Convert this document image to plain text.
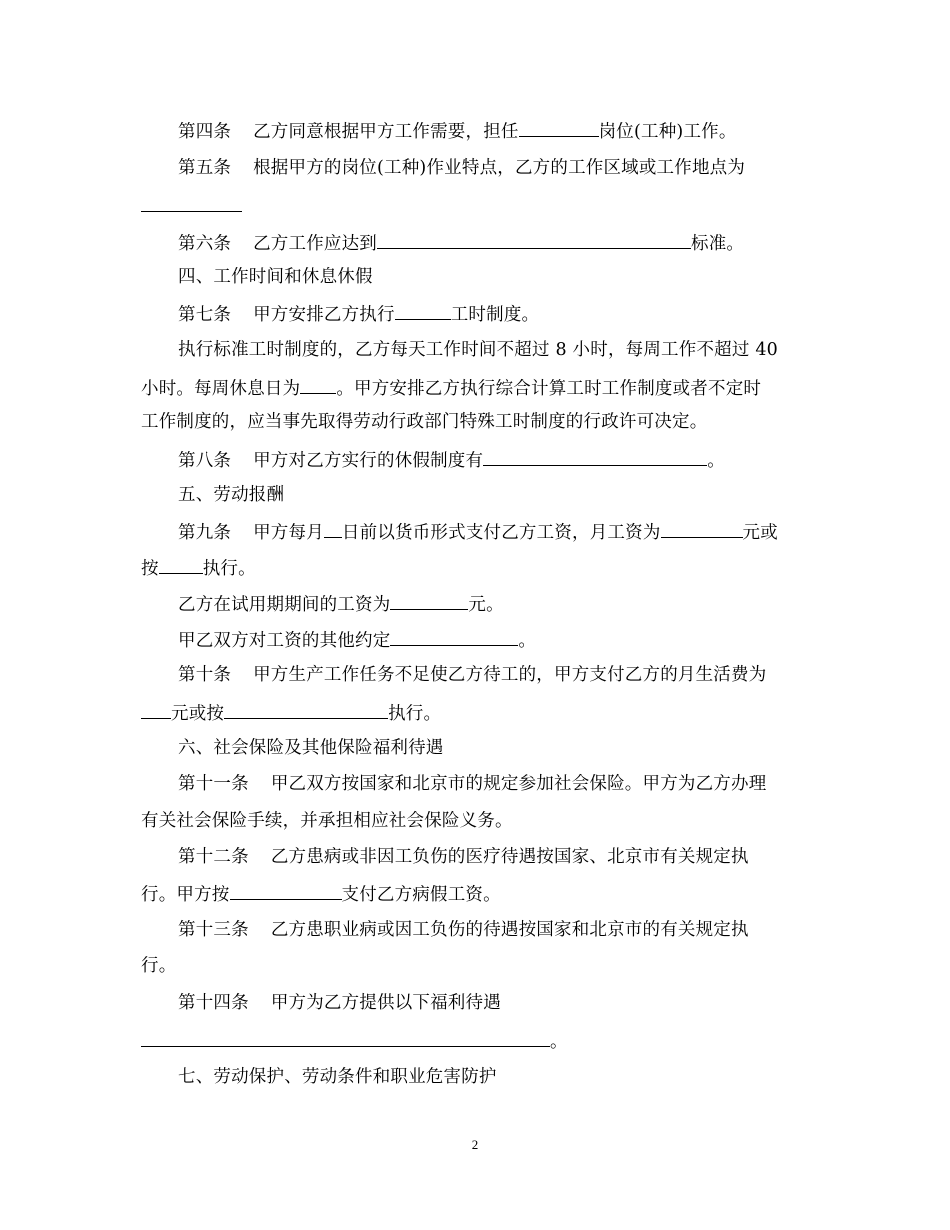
第四条 乙方同意根据甲方工作需要，担任	岗位(工种)工作。
第五条 根据甲方的岗位(工种)作业特点，乙方的工作区域或工作地点为
第六条 乙方工作应达到	标准。
四、工作时间和休息休假
第七条 甲方安排乙方执行	工时制度。
执行标准工时制度的，乙方每天工作时间不超过 8 小时，每周工作不超过 40
小时。每周休息日为 。甲方安排乙方执行综合计算工时工作制度或者不定时
工作制度的，应当事先取得劳动行政部门特殊工时制度的行政许可决定。
第八条 甲方对乙方实行的休假制度有	。
五、劳动报酬
第九条 甲方每月 日前以货币形式支付乙方工资，月工资为	元或
按	执行。
乙方在试用期期间的工资为	元。
甲乙双方对工资的其他约定	。
第十条 甲方生产工作任务不足使乙方待工的，甲方支付乙方的月生活费为
元或按	执行。
六、社会保险及其他保险福利待遇
第十一条 甲乙双方按国家和北京市的规定参加社会保险。甲方为乙方办理
有关社会保险手续，并承担相应社会保险义务。
第十二条 乙方患病或非因工负伤的医疗待遇按国家、北京市有关规定执
行。甲方按	支付乙方病假工资。
第十三条 乙方患职业病或因工负伤的待遇按国家和北京市的有关规定执
行。
第十四条 甲方为乙方提供以下福利待遇
。
七、劳动保护、劳动条件和职业危害防护
2
